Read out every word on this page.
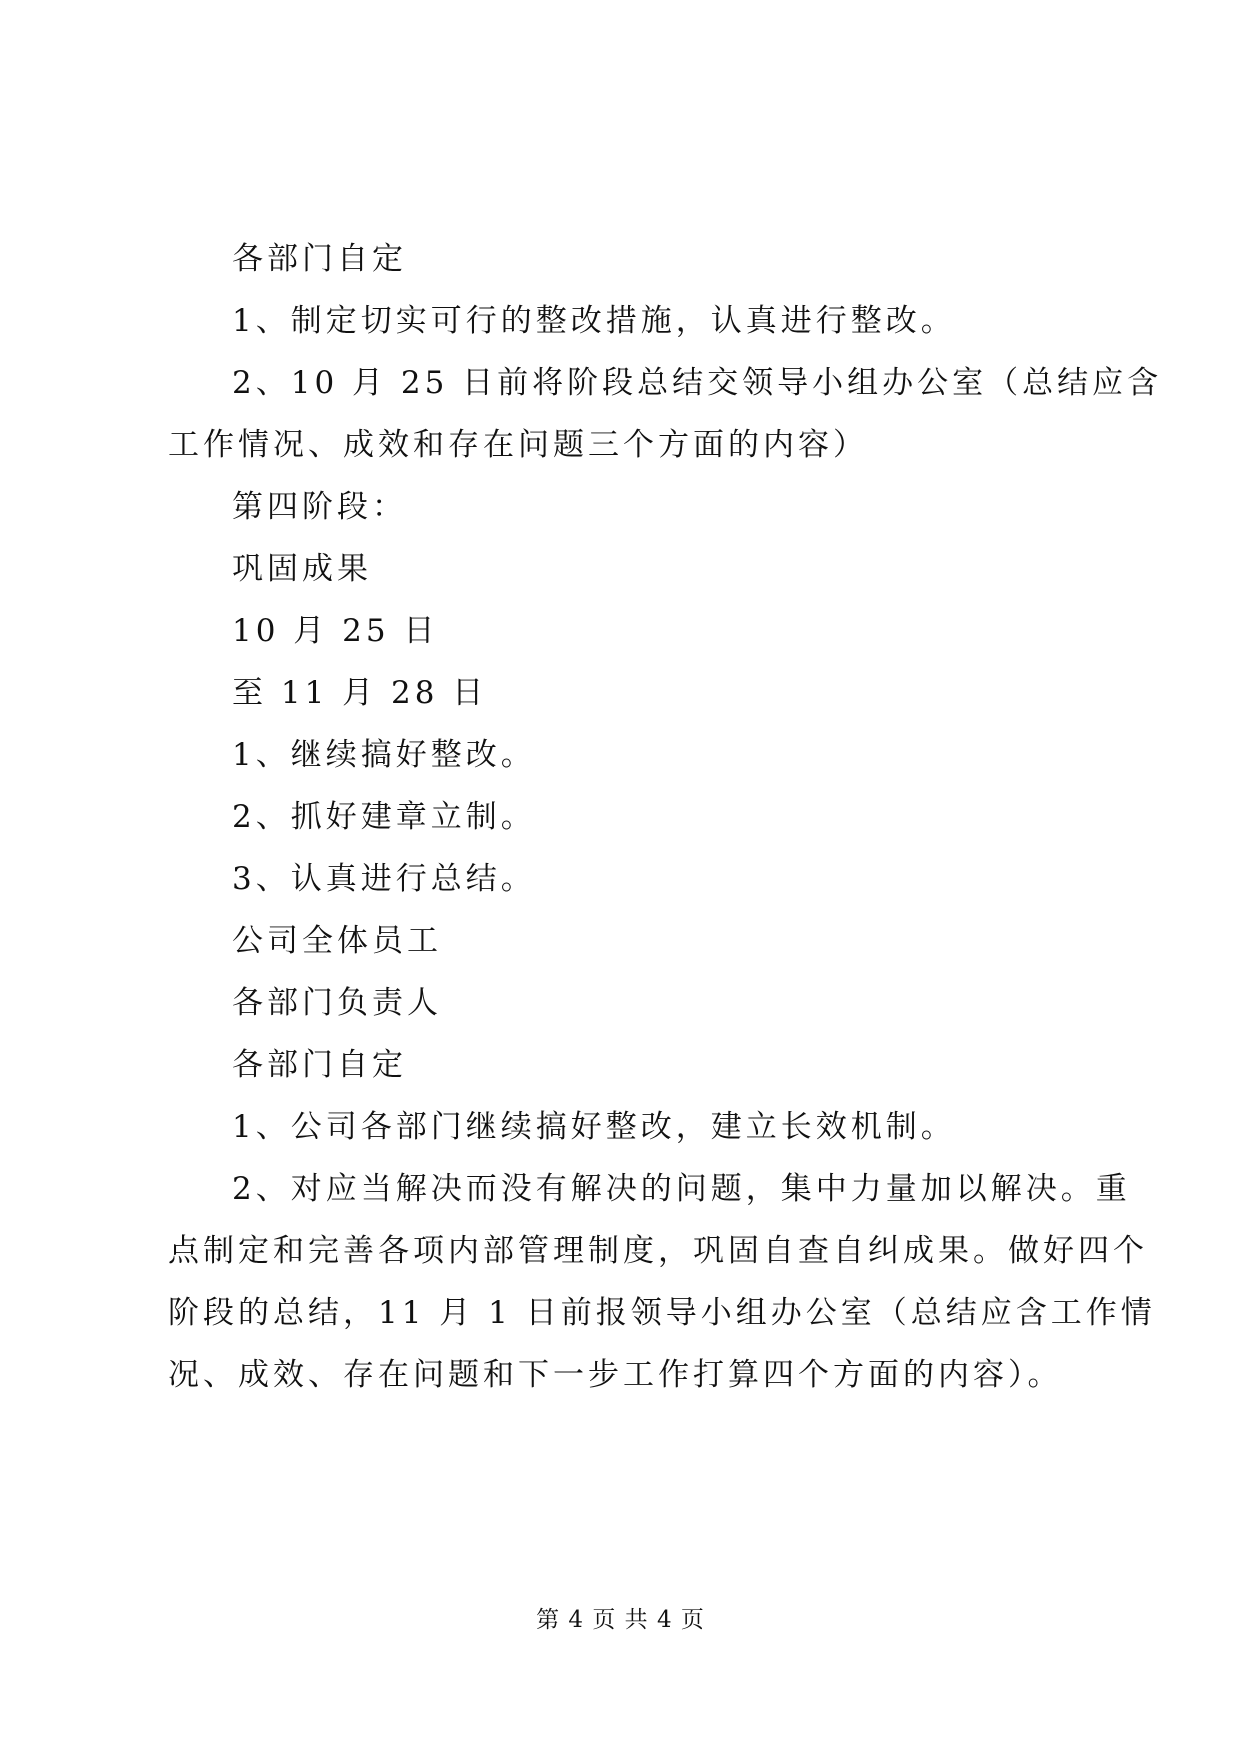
各部门自定

1、制定切实可行的整改措施，认真进行整改。

2、10 月 25 日前将阶段总结交领导小组办公室（总结应含

工作情况、成效和存在问题三个方面的内容）

第四阶段：

巩固成果

10 月 25 日

至 11 月 28 日

1、继续搞好整改。

2、抓好建章立制。

3、认真进行总结。

公司全体员工

各部门负责人

各部门自定

1、公司各部门继续搞好整改，建立长效机制。

2、对应当解决而没有解决的问题，集中力量加以解决。重

点制定和完善各项内部管理制度，巩固自查自纠成果。做好四个

阶段的总结，11 月 1 日前报领导小组办公室（总结应含工作情

况、成效、存在问题和下一步工作打算四个方面的内容）。

第 4 页 共 4 页
